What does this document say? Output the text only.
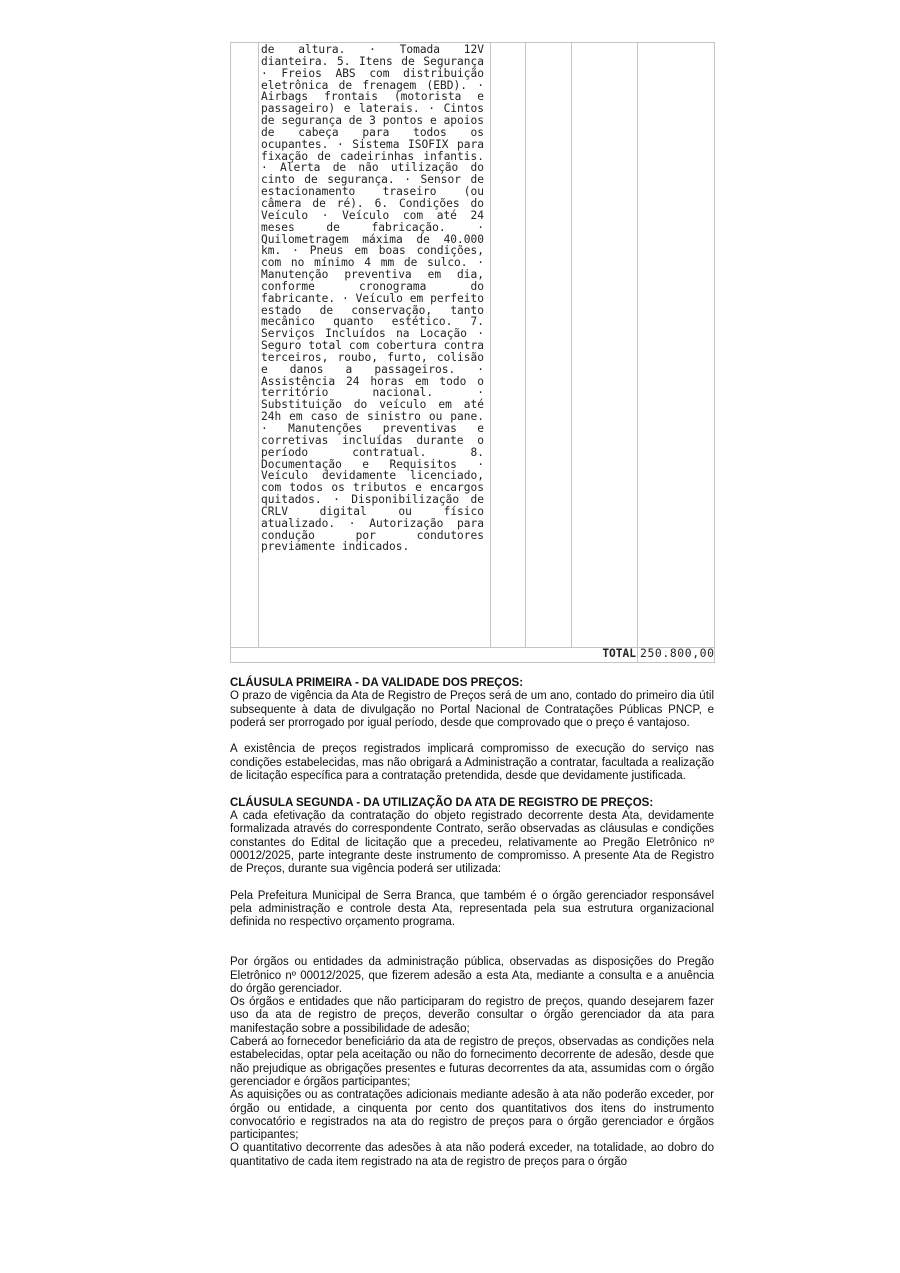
	de altura. · Tomada 12V dianteira. 5. Itens de Segurança · Freios ABS com distribuição eletrônica de frenagem (EBD). · Airbags frontais (motorista e passageiro) e laterais. · Cintos de segurança de 3 pontos e apoios de cabeça para todos os ocupantes. · Sistema ISOFIX para fixação de cadeirinhas infantis. · Alerta de não utilização do cinto de segurança. · Sensor de estacionamento traseiro (ou câmera de ré). 6. Condições do Veículo · Veículo com até 24 meses de fabricação. · Quilometragem máxima de 40.000 km. · Pneus em boas condições, com no mínimo 4 mm de sulco. · Manutenção preventiva em dia, conforme cronograma do fabricante. · Veículo em perfeito estado de conservação, tanto mecânico quanto estético. 7. Serviços Incluídos na Locação · Seguro total com cobertura contra terceiros, roubo, furto, colisão e danos a passageiros. · Assistência 24 horas em todo o território nacional. · Substituição do veículo em até 24h em caso de sinistro ou pane. · Manutenções preventivas e corretivas incluídas durante o período contratual. 8. Documentação e Requisitos · Veículo devidamente licenciado, com todos os tributos e encargos quitados. · Disponibilização de CRLV digital ou físico atualizado. · Autorização para condução por condutores previamente indicados.				

TOTAL					250.800,00
CLÁUSULA PRIMEIRA - DA VALIDADE DOS PREÇOS:

O prazo de vigência da Ata de Registro de Preços será de um ano, contado do primeiro dia útil subsequente à data de divulgação no Portal Nacional de Contratações Públicas PNCP, e poderá ser prorrogado por igual período, desde que comprovado que o preço é vantajoso.

A existência de preços registrados implicará compromisso de execução do serviço nas condições estabelecidas, mas não obrigará a Administração a contratar, facultada a realização de licitação específica para a contratação pretendida, desde que devidamente justificada.

CLÁUSULA SEGUNDA - DA UTILIZAÇÃO DA ATA DE REGISTRO DE PREÇOS:

A cada efetivação da contratação do objeto registrado decorrente desta Ata, devidamente formalizada através do correspondente Contrato, serão observadas as cláusulas e condições constantes do Edital de licitação que a precedeu, relativamente ao Pregão Eletrônico nº 00012/2025, parte integrante deste instrumento de compromisso. A presente Ata de Registro de Preços, durante sua vigência poderá ser utilizada:

Pela Prefeitura Municipal de Serra Branca, que também é o órgão gerenciador responsável pela administração e controle desta Ata, representada pela sua estrutura organizacional definida no respectivo orçamento programa.

Por órgãos ou entidades da administração pública, observadas as disposições do Pregão Eletrônico nº 00012/2025, que fizerem adesão a esta Ata, mediante a consulta e a anuência do órgão gerenciador.

Os órgãos e entidades que não participaram do registro de preços, quando desejarem fazer uso da ata de registro de preços, deverão consultar o órgão gerenciador da ata para manifestação sobre a possibilidade de adesão;

Caberá ao fornecedor beneficiário da ata de registro de preços, observadas as condições nela estabelecidas, optar pela aceitação ou não do fornecimento decorrente de adesão, desde que não prejudique as obrigações presentes e futuras decorrentes da ata, assumidas com o órgão gerenciador e órgãos participantes;

As aquisições ou as contratações adicionais mediante adesão à ata não poderão exceder, por órgão ou entidade, a cinquenta por cento dos quantitativos dos itens do instrumento convocatório e registrados na ata do registro de preços para o órgão gerenciador e órgãos participantes;

O quantitativo decorrente das adesões à ata não poderá exceder, na totalidade, ao dobro do quantitativo de cada item registrado na ata de registro de preços para o órgão
